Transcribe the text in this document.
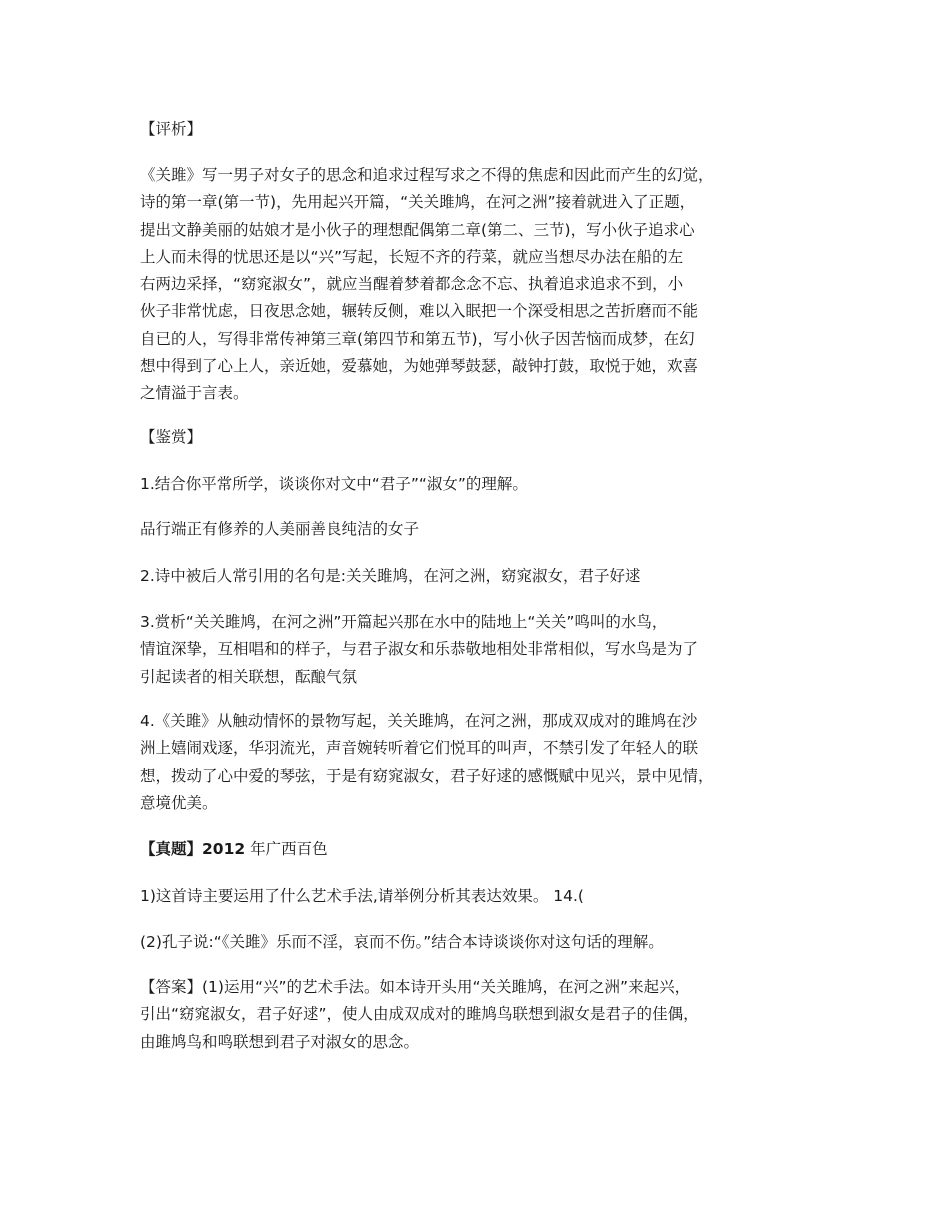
【评析】
《关雎》写一男子对女子的思念和追求过程写求之不得的焦虑和因此而产生的幻觉，
诗的第一章(第一节)，先用起兴开篇，“关关雎鸠，在河之洲”接着就进入了正题，
提出文静美丽的姑娘才是小伙子的理想配偶第二章(第二、三节)，写小伙子追求心
上人而未得的忧思还是以“兴”写起，长短不齐的荇菜，就应当想尽办法在船的左
右两边采择，“窈窕淑女”，就应当醒着梦着都念念不忘、执着追求追求不到，小
伙子非常忧虑，日夜思念她，辗转反侧，难以入眠把一个深受相思之苦折磨而不能
自已的人，写得非常传神第三章(第四节和第五节)，写小伙子因苦恼而成梦，在幻
想中得到了心上人，亲近她，爱慕她，为她弹琴鼓瑟，敲钟打鼓，取悦于她，欢喜
之情溢于言表。
【鉴赏】
1.结合你平常所学，谈谈你对文中“君子”“淑女”的理解。
品行端正有修养的人美丽善良纯洁的女子
2.诗中被后人常引用的名句是:关关雎鸠，在河之洲，窈窕淑女，君子好逑
3.赏析“关关雎鸠，在河之洲”开篇起兴那在水中的陆地上“关关”鸣叫的水鸟，
情谊深挚，互相唱和的样子，与君子淑女和乐恭敬地相处非常相似，写水鸟是为了
引起读者的相关联想，酝酿气氛
4.《关雎》从触动情怀的景物写起，关关雎鸠，在河之洲，那成双成对的雎鸠在沙
洲上嬉闹戏逐，华羽流光，声音婉转听着它们悦耳的叫声，不禁引发了年轻人的联
想，拨动了心中爱的琴弦，于是有窈窕淑女，君子好逑的感慨赋中见兴，景中见情，
意境优美。
【真题】2012 年广西百色
1)这首诗主要运用了什么艺术手法,请举例分析其表达效果。 14.(
(2)孔子说:“《关雎》乐而不淫，哀而不伤。”结合本诗谈谈你对这句话的理解。
【答案】(1)运用“兴”的艺术手法。如本诗开头用“关关雎鸠，在河之洲”来起兴，
引出“窈窕淑女，君子好逑”，使人由成双成对的雎鸠鸟联想到淑女是君子的佳偶，
由雎鸠鸟和鸣联想到君子对淑女的思念。
